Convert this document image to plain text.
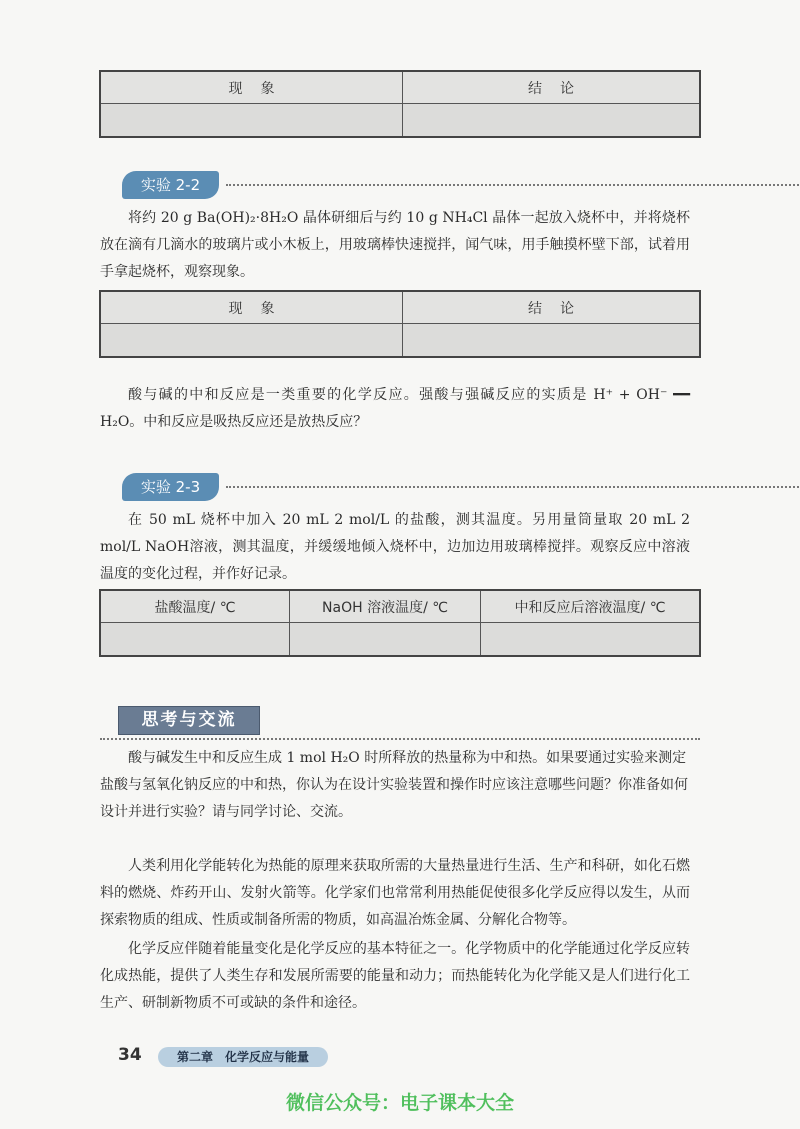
现象	结论

实验 2-2

将约 20 g Ba(OH)₂·8H₂O 晶体研细后与约 10 g NH₄Cl 晶体一起放入烧杯中，并将烧杯放在滴有几滴水的玻璃片或小木板上，用玻璃棒快速搅拌，闻气味，用手触摸杯壁下部，试着用手拿起烧杯，观察现象。

现象	结论

酸与碱的中和反应是一类重要的化学反应。强酸与强碱反应的实质是 H⁺ + OH⁻ ━━ H₂O。中和反应是吸热反应还是放热反应？

实验 2-3

在 50 mL 烧杯中加入 20 mL 2 mol/L 的盐酸，测其温度。另用量筒量取 20 mL 2 mol/L NaOH溶液，测其温度，并缓缓地倾入烧杯中，边加边用玻璃棒搅拌。观察反应中溶液温度的变化过程，并作好记录。

盐酸温度/ ℃	NaOH 溶液温度/ ℃	中和反应后溶液温度/ ℃

思考与交流

酸与碱发生中和反应生成 1 mol H₂O 时所释放的热量称为中和热。如果要通过实验来测定盐酸与氢氧化钠反应的中和热，你认为在设计实验装置和操作时应该注意哪些问题？你准备如何设计并进行实验？请与同学讨论、交流。

人类利用化学能转化为热能的原理来获取所需的大量热量进行生活、生产和科研，如化石燃料的燃烧、炸药开山、发射火箭等。化学家们也常常利用热能促使很多化学反应得以发生，从而探索物质的组成、性质或制备所需的物质，如高温冶炼金属、分解化合物等。

化学反应伴随着能量变化是化学反应的基本特征之一。化学物质中的化学能通过化学反应转化成热能，提供了人类生存和发展所需要的能量和动力；而热能转化为化学能又是人们进行化工生产、研制新物质不可或缺的条件和途径。

34	第二章　化学反应与能量
微信公众号：电子课本大全
